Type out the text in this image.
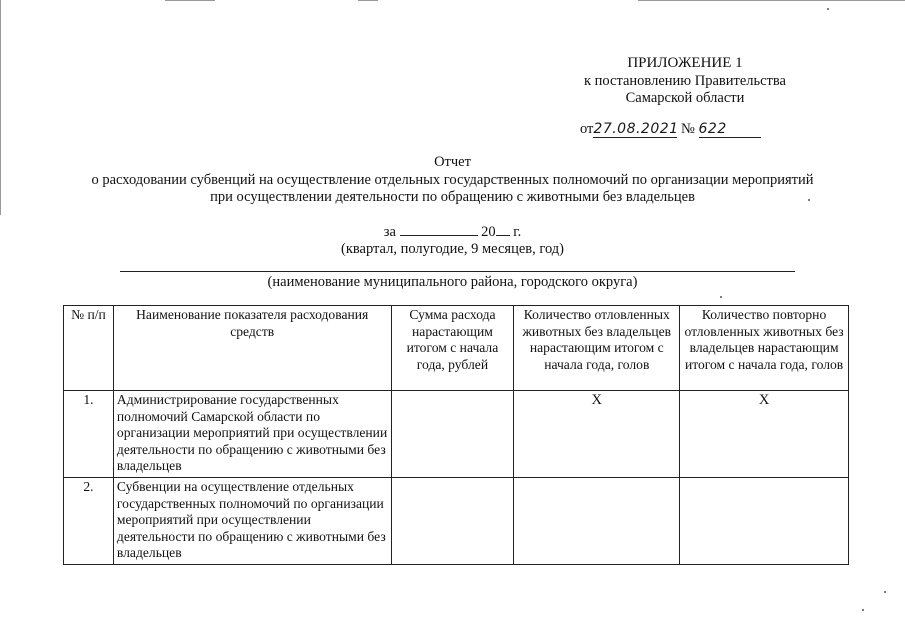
ПРИЛОЖЕНИЕ 1
к постановлению Правительства
Самарской области
от27.08.2021 № 622
Отчет
о расходовании субвенций на осуществление отдельных государственных полномочий по организации мероприятий
при осуществлении деятельности по обращению с животными без владельцев
за	20 г.
(квартал, полугодие, 9 месяцев, год)
(наименование муниципального района, городского округа)
№ п/п	Наименование показателя расходования средств	Сумма расхода нарастающим итогом с начала года, рублей	Количество отловленных животных без владельцев нарастающим итогом с начала года, голов	Количество повторно отловленных животных без владельцев нарастающим итогом с начала года, голов
1.	Администрирование государственных полномочий Самарской области по организации мероприятий при осуществлении деятельности по обращению с животными без владельцев		Х	Х
2.	Субвенции на осуществление отдельных государственных полномочий по организации мероприятий при осуществлении деятельности по обращению с животными без владельцев			
